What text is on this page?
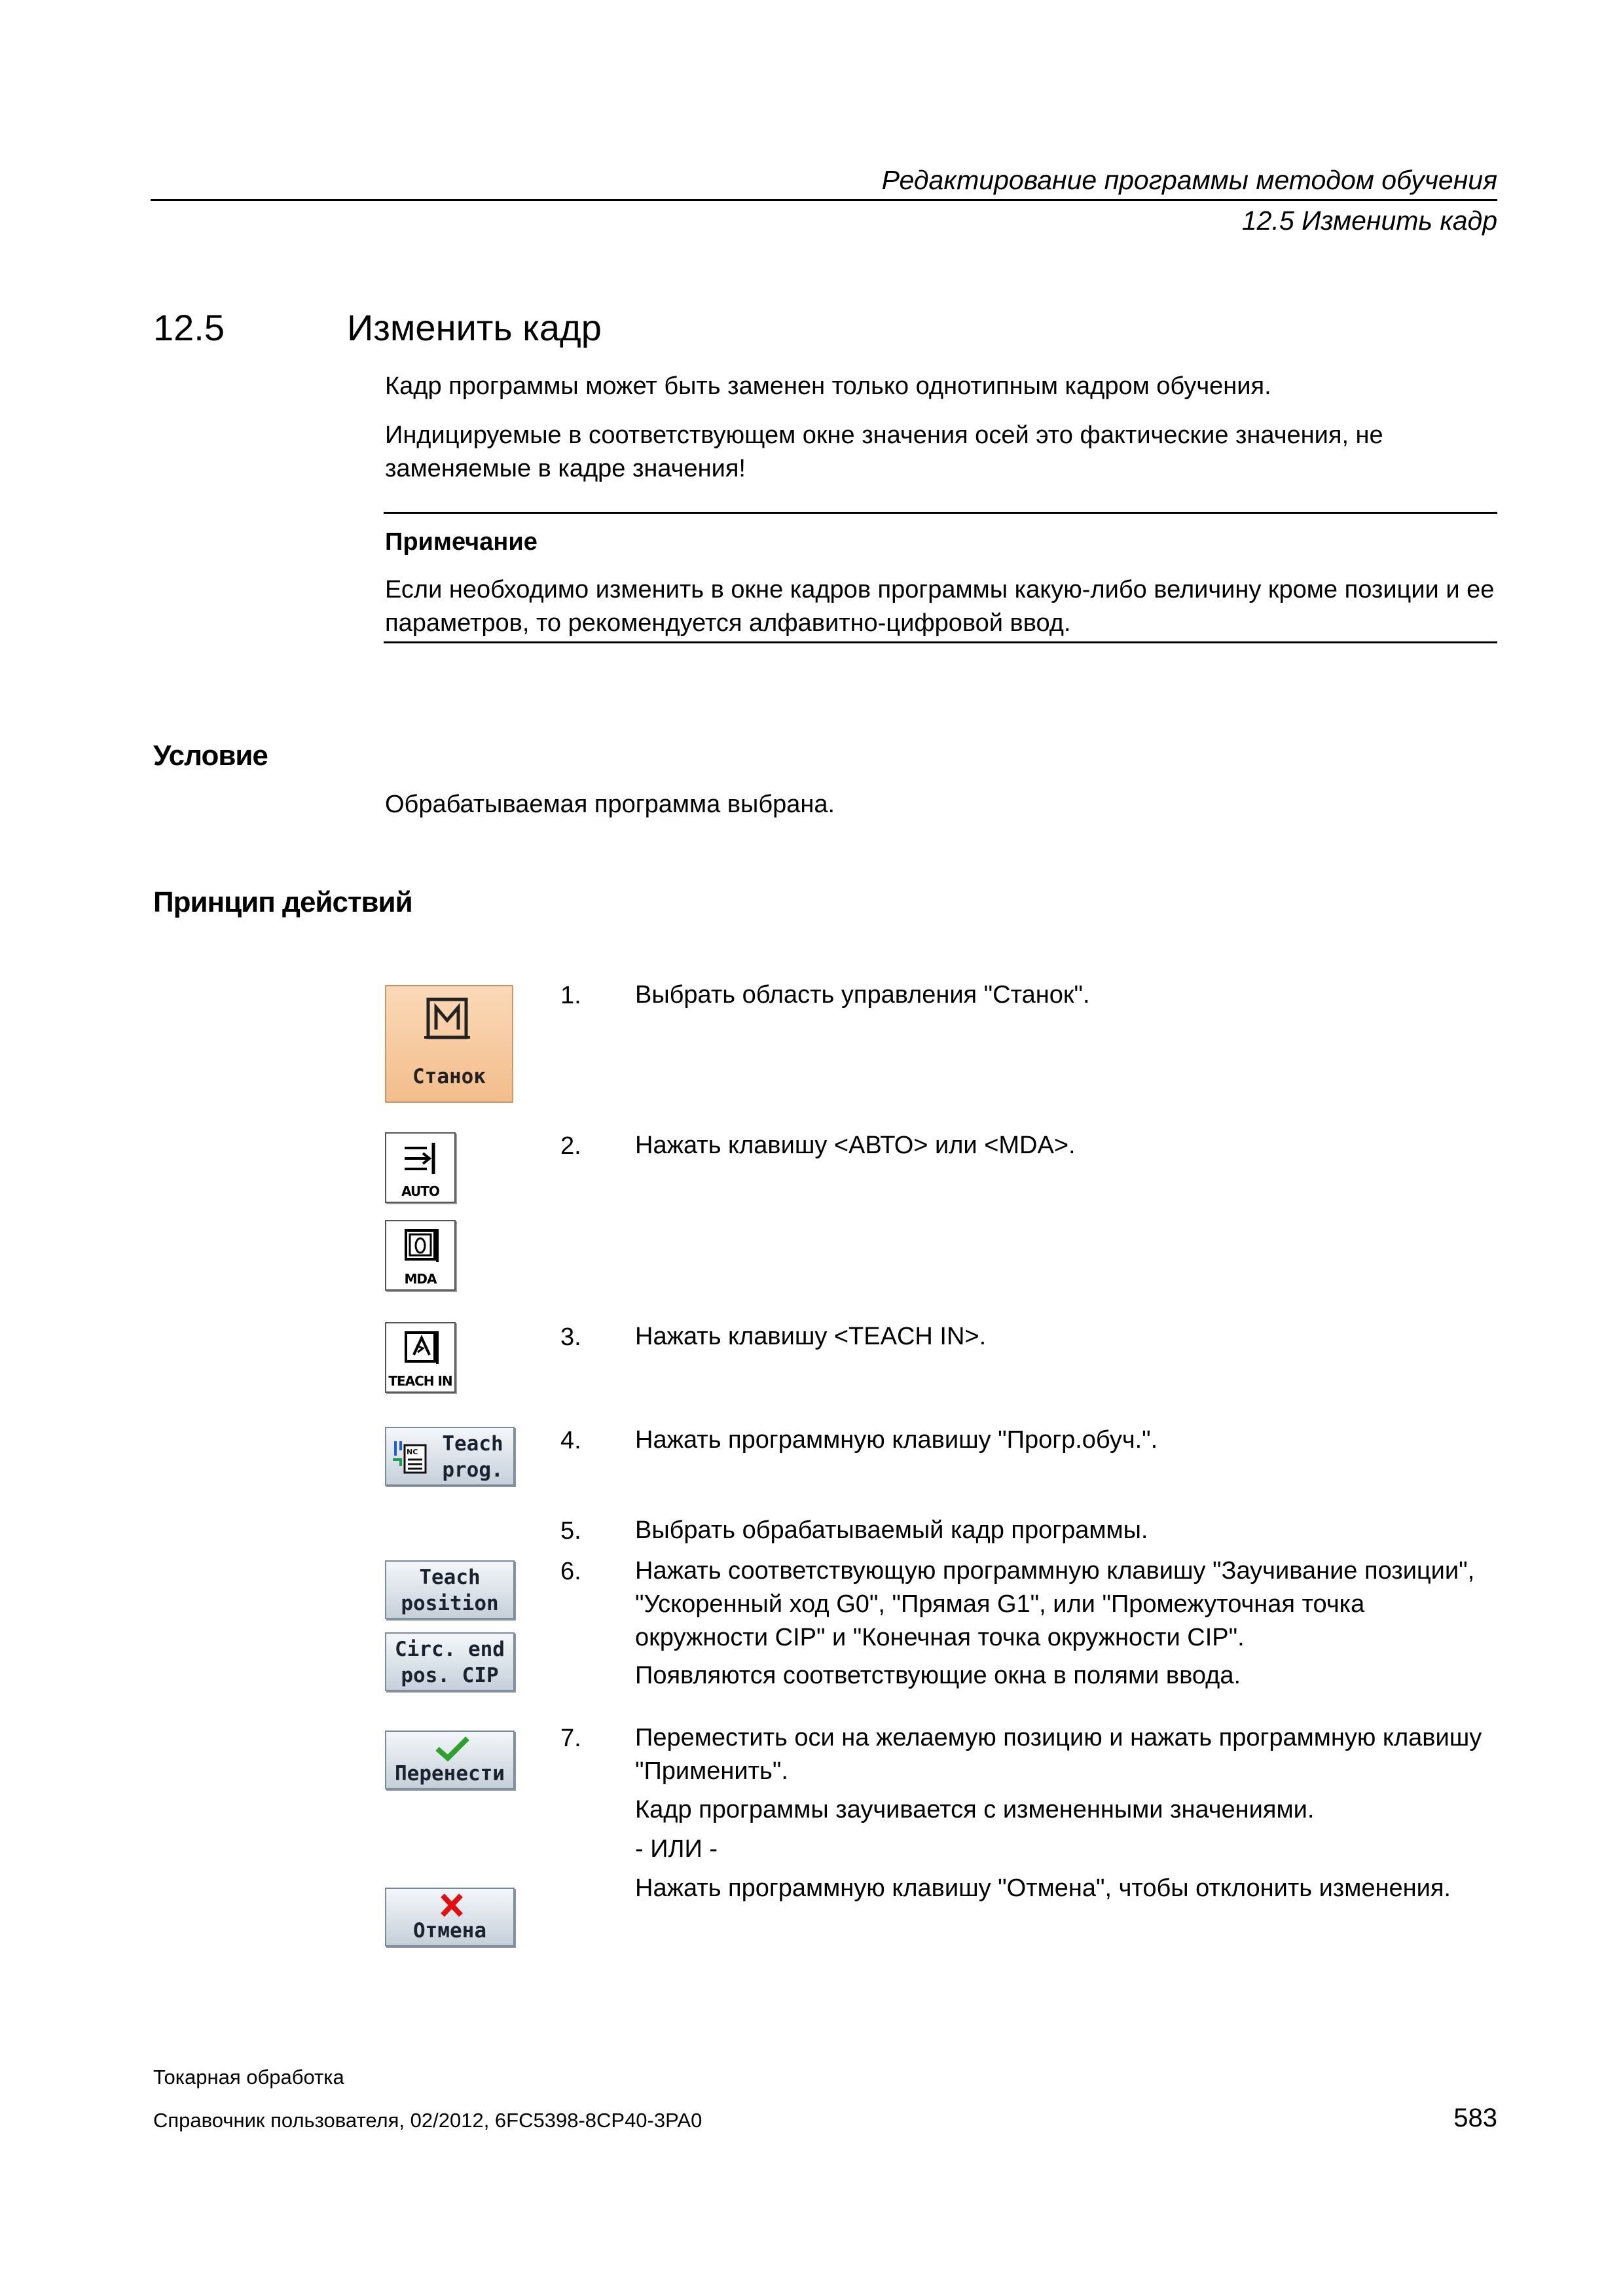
Редактирование программы методом обучения
12.5 Изменить кадр
12.5	Изменить кадр
Кадр программы может быть заменен только однотипным кадром обучения.
Индицируемые в соответствующем окне значения осей это фактические значения, не заменяемые в кадре значения!
Примечание
Если необходимо изменить в окне кадров программы какую-либо величину кроме позиции и ее параметров, то рекомендуется алфавитно-цифровой ввод.
Условие
Обрабатываемая программа выбрана.
Принцип действий
Станок
AUTO
MDA
TEACH IN
NC	Teach
prog.
Teach
position
Circ. end
pos. CIP
Перенести
Отмена
1. Выбрать область управления "Станок".
2. Нажать клавишу <АВТО> или <MDA>.
3. Нажать клавишу <TEACH IN>.
4. Нажать программную клавишу "Прогр.обуч.".
5. Выбрать обрабатываемый кадр программы.
6. Нажать соответствующую программную клавишу "Заучивание позиции", "Ускоренный ход G0", "Прямая G1", или "Промежуточная точка окружности CIP" и "Конечная точка окружности CIP".
Появляются соответствующие окна в полями ввода.
7. Переместить оси на желаемую позицию и нажать программную клавишу "Применить".
Кадр программы заучивается с измененными значениями.
- ИЛИ -
Нажать программную клавишу "Отмена", чтобы отклонить изменения.
Токарная обработка
Справочник пользователя, 02/2012, 6FC5398-8CP40-3PA0	583
